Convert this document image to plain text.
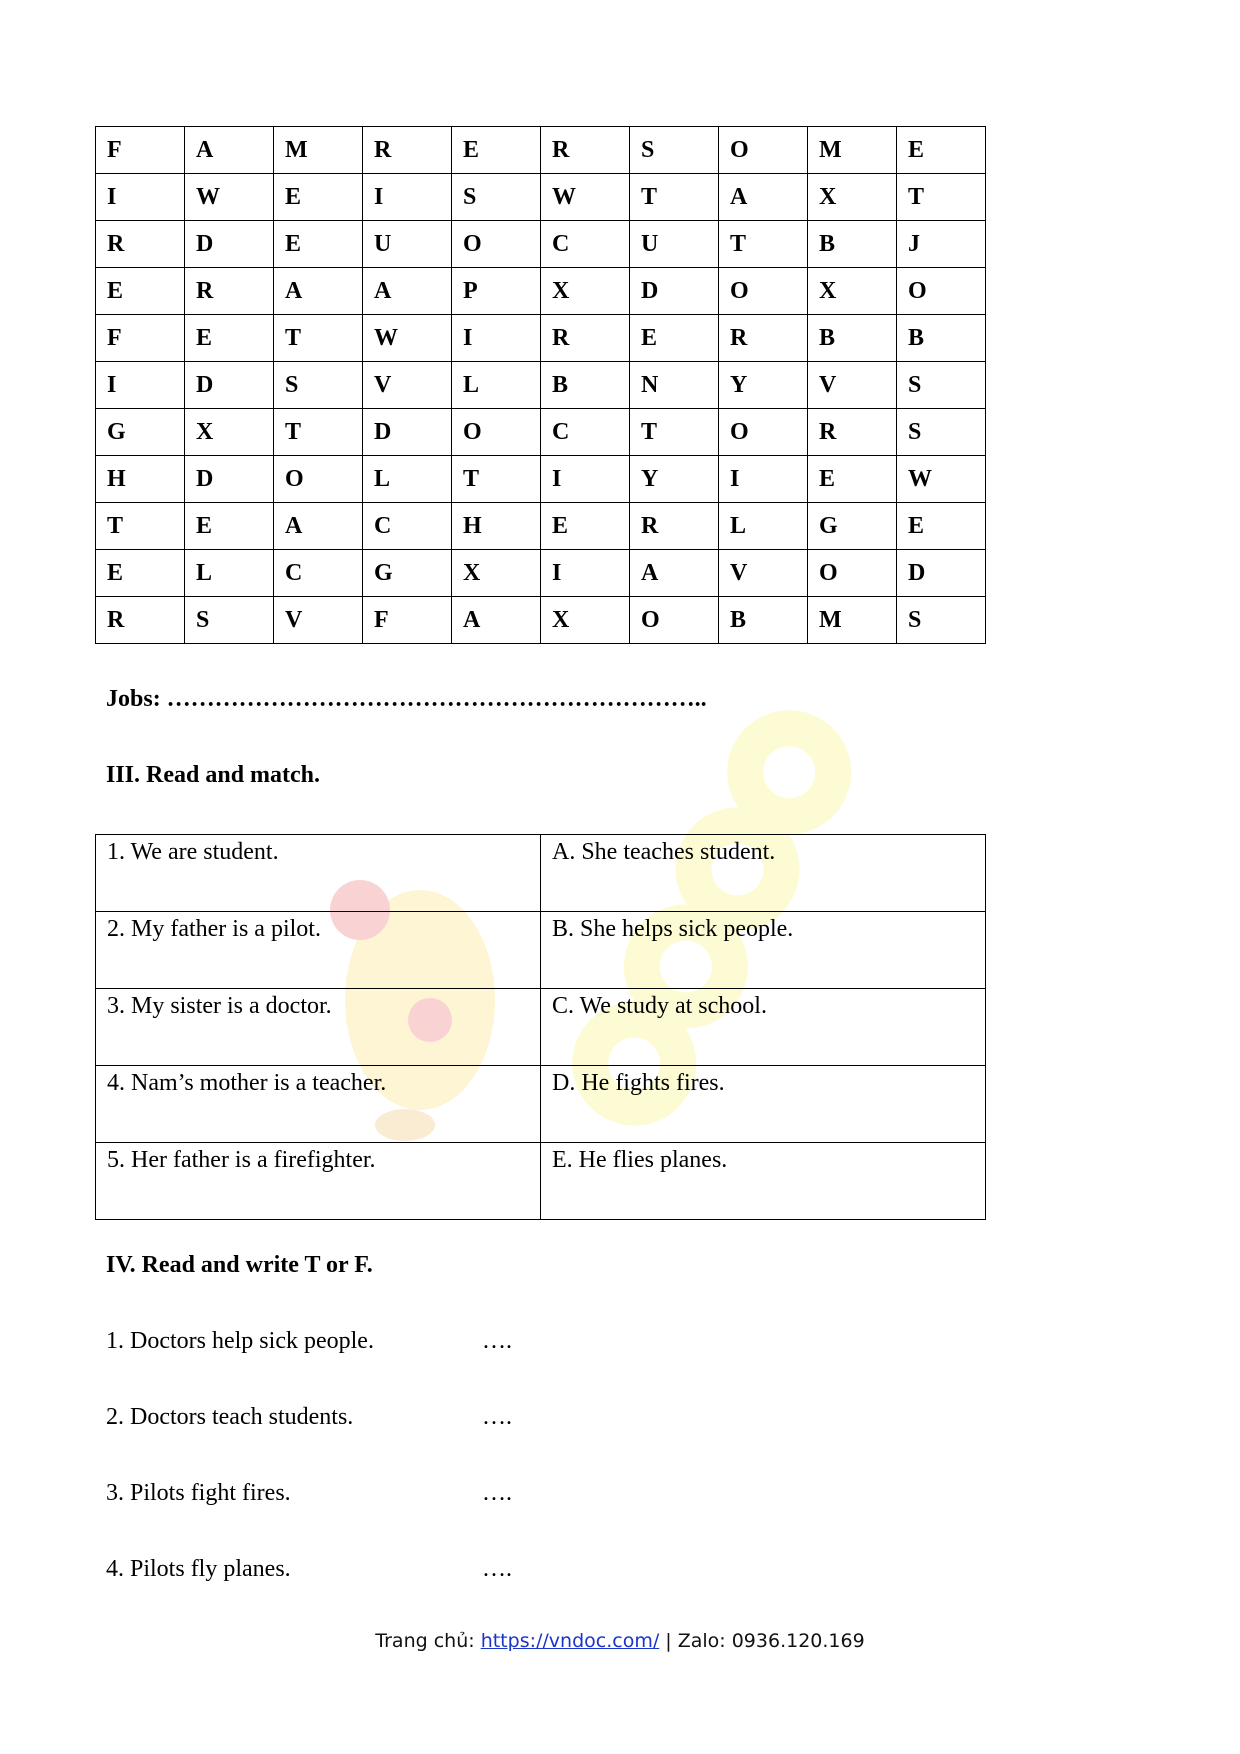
F	A	M	R	E	R	S	O	M	E
I	W	E	I	S	W	T	A	X	T
R	D	E	U	O	C	U	T	B	J
E	R	A	A	P	X	D	O	X	O
F	E	T	W	I	R	E	R	B	B
I	D	S	V	L	B	N	Y	V	S
G	X	T	D	O	C	T	O	R	S
H	D	O	L	T	I	Y	I	E	W
T	E	A	C	H	E	R	L	G	E
E	L	C	G	X	I	A	V	O	D
R	S	V	F	A	X	O	B	M	S
Jobs: …………………………………………………………..
III. Read and match.
1. We are student.	A. She teaches student.
2. My father is a pilot.	B. She helps sick people.
3. My sister is a doctor.	C. We study at school.
4. Nam’s mother is a teacher.	D. He fights fires.
5. Her father is a firefighter.	E. He flies planes.
IV. Read and write T or F.
1. Doctors help sick people.	….
2. Doctors teach students.	….
3. Pilots fight fires.	….
4. Pilots fly planes.	….
Trang chủ: https://vndoc.com/ | Zalo: 0936.120.169
